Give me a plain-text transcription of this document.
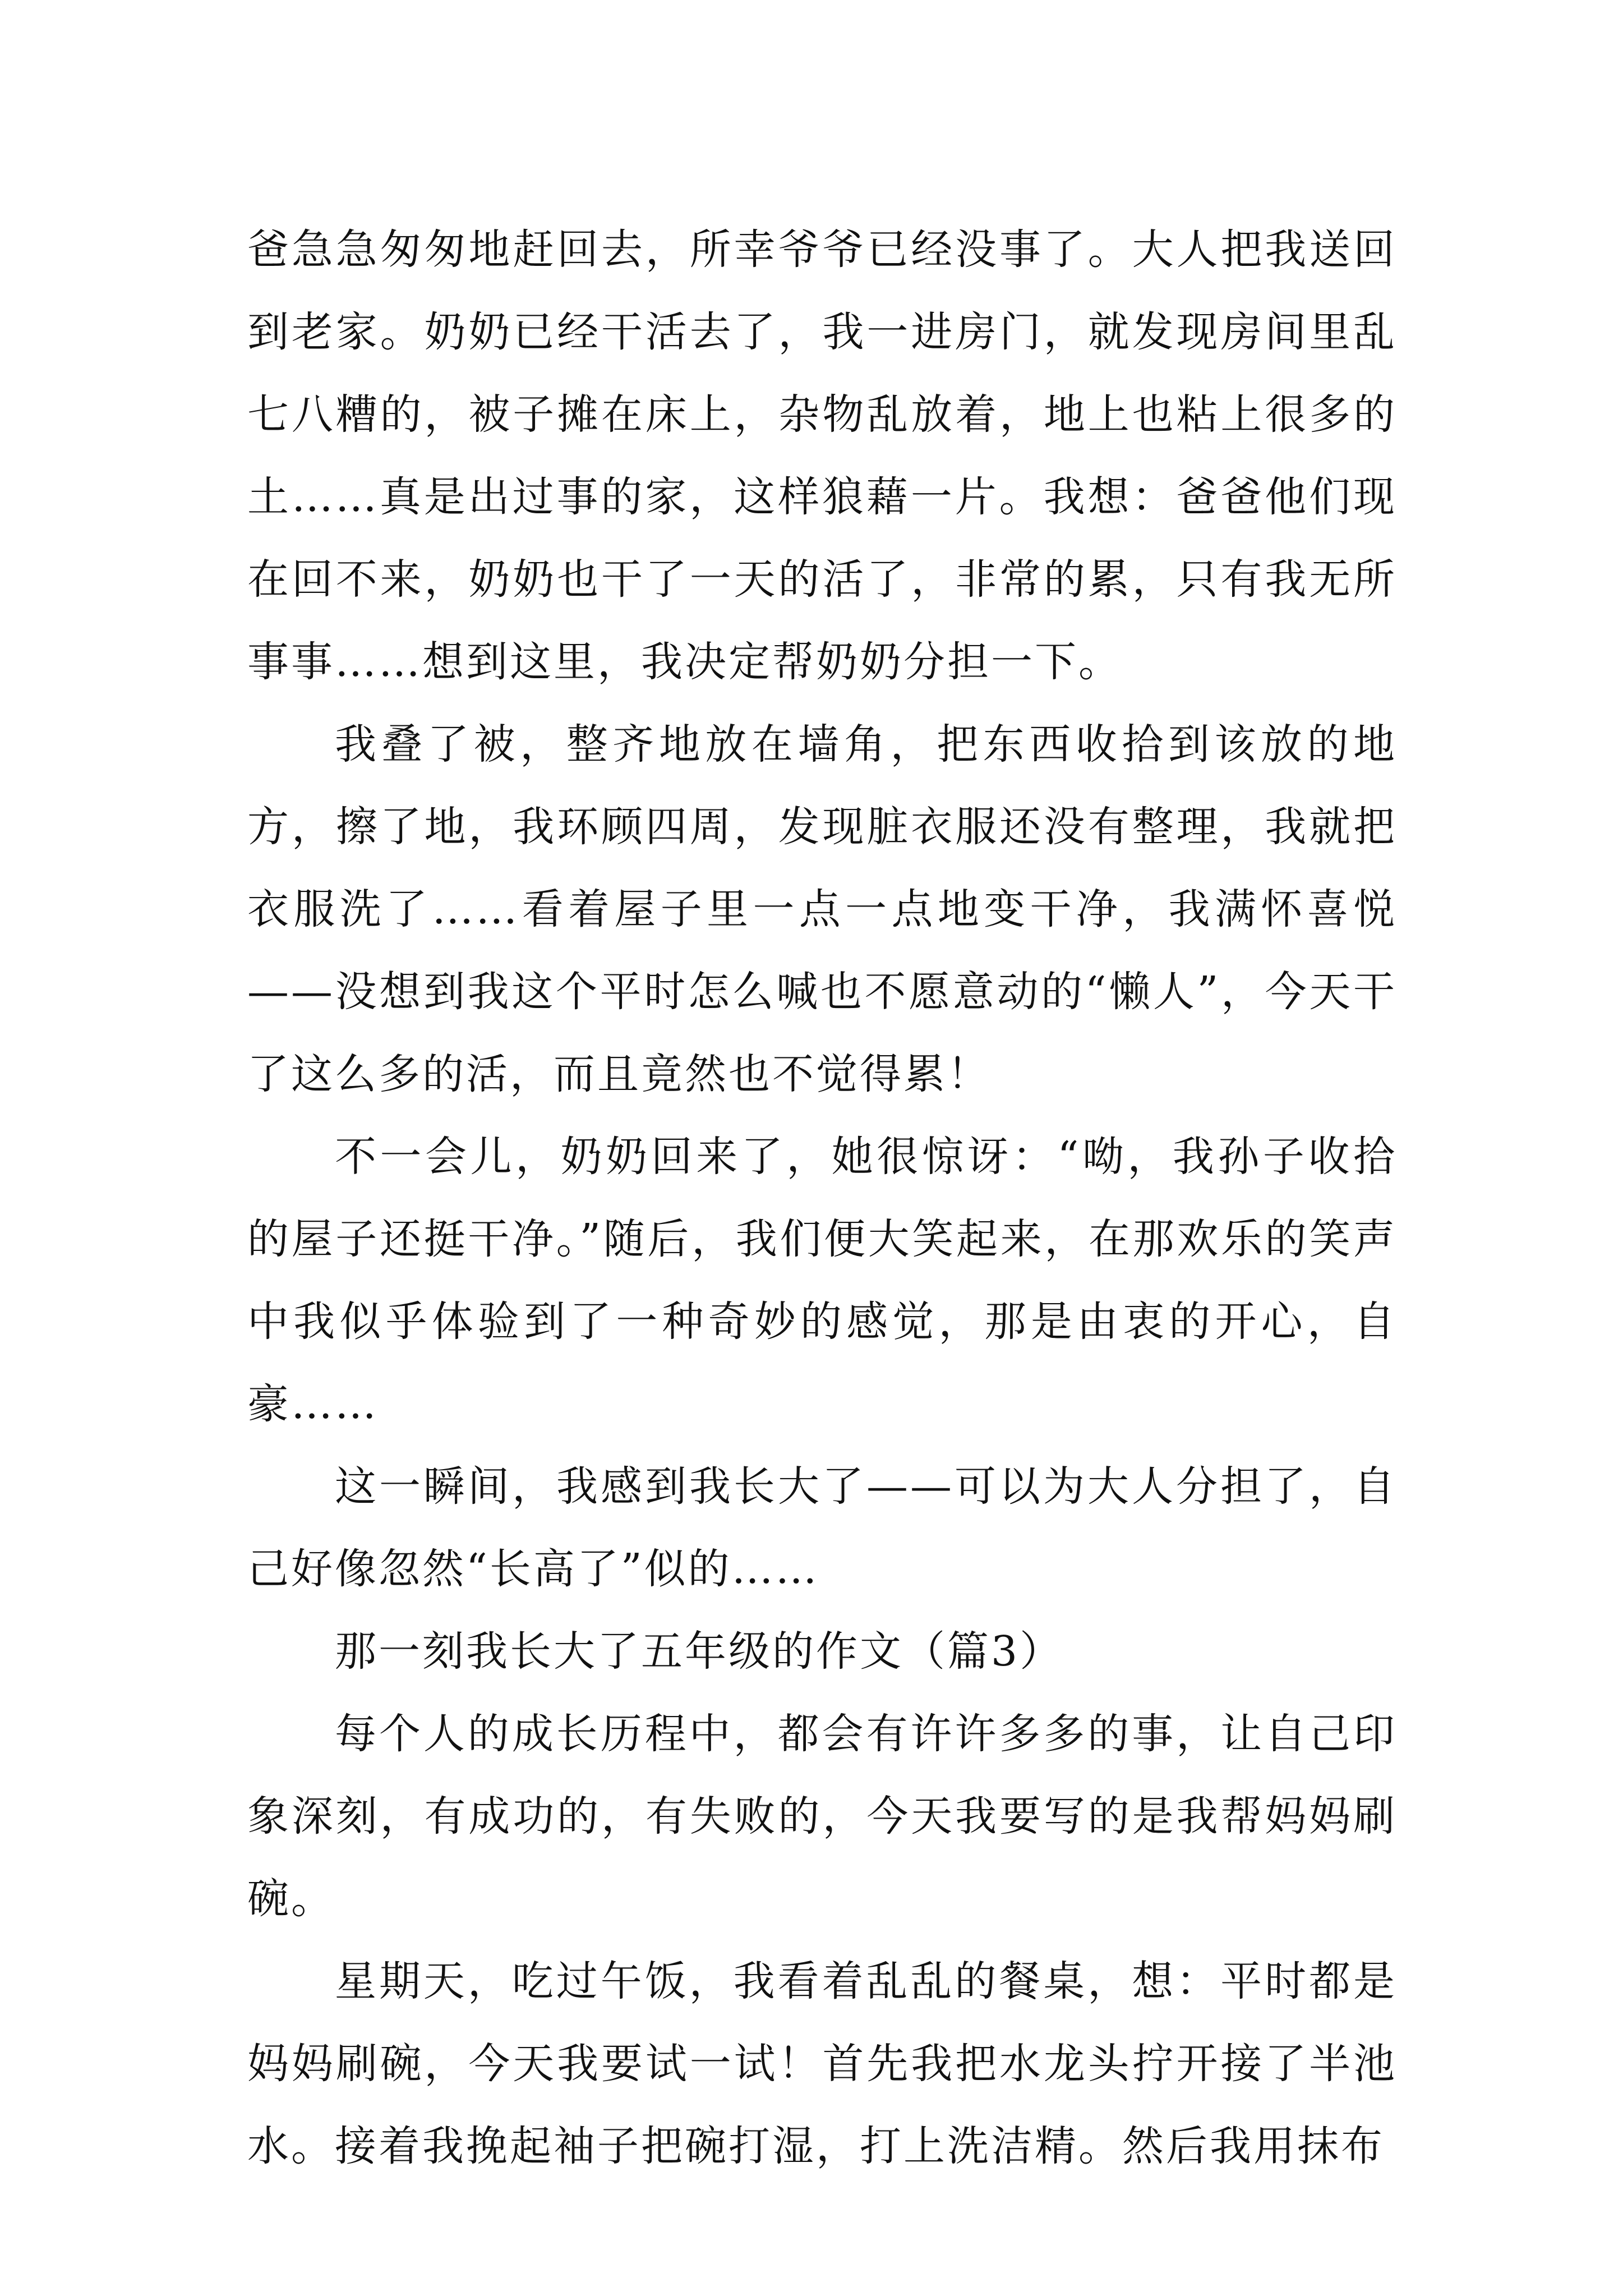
爸急急匆匆地赶回去，所幸爷爷已经没事了。大人把我送回到老家。奶奶已经干活去了，我一进房门，就发现房间里乱七八糟的，被子摊在床上，杂物乱放着，地上也粘上很多的土……真是出过事的家，这样狼藉一片。我想：爸爸他们现在回不来，奶奶也干了一天的活了，非常的累，只有我无所事事……想到这里，我决定帮奶奶分担一下。

我叠了被，整齐地放在墙角，把东西收拾到该放的地方，擦了地，我环顾四周，发现脏衣服还没有整理，我就把衣服洗了……看着屋子里一点一点地变干净，我满怀喜悦——没想到我这个平时怎么喊也不愿意动的“懒人”，今天干了这么多的活，而且竟然也不觉得累！

不一会儿，奶奶回来了，她很惊讶：“呦，我孙子收拾的屋子还挺干净。”随后，我们便大笑起来，在那欢乐的笑声中我似乎体验到了一种奇妙的感觉，那是由衷的开心，自豪……

这一瞬间，我感到我长大了——可以为大人分担了，自己好像忽然“长高了”似的……

那一刻我长大了五年级的作文（篇3）

每个人的成长历程中，都会有许许多多的事，让自己印象深刻，有成功的，有失败的，今天我要写的是我帮妈妈刷碗。

星期天，吃过午饭，我看着乱乱的餐桌，想：平时都是妈妈刷碗，今天我要试一试！首先我把水龙头拧开接了半池水。接着我挽起袖子把碗打湿，打上洗洁精。然后我用抹布
